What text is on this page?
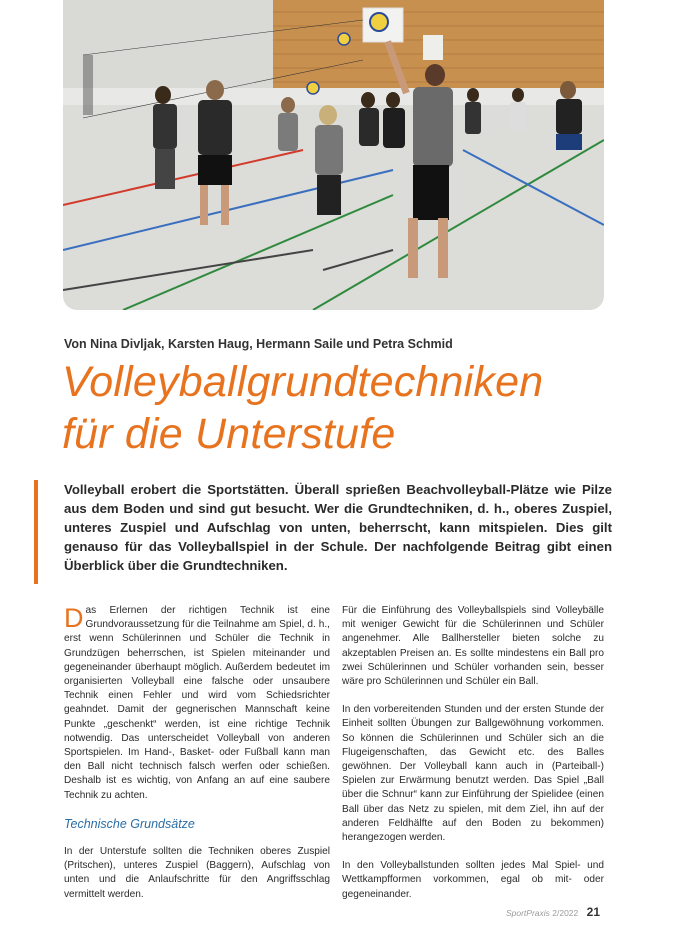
Von Nina Divljak, Karsten Haug, Hermann Saile und Petra Schmid
Volleyballgrundtechniken
für die Unterstufe

Volleyball erobert die Sportstätten. Überall sprießen Beachvolleyball-Plätze wie Pilze aus dem Boden und sind gut besucht. Wer die Grundtechniken, d. h., oberes Zuspiel, unteres Zuspiel und Aufschlag von unten, beherrscht, kann mitspielen. Dies gilt genauso für das Volleyballspiel in der Schule. Der nachfolgende Beitrag gibt einen Überblick über die Grundtechniken.

Das Erlernen der richtigen Technik ist eine Grundvoraussetzung für die Teilnahme am Spiel, d. h., erst wenn Schülerinnen und Schüler die Technik in Grundzügen beherrschen, ist Spielen miteinander und gegeneinander überhaupt möglich. Außerdem bedeutet im organisierten Volleyball eine falsche oder unsaubere Technik einen Fehler und wird vom Schiedsrichter geahndet. Damit der gegnerischen Mannschaft keine Punkte „geschenkt“ werden, ist eine richtige Technik notwendig. Das unterscheidet Volleyball von anderen Sportspielen. Im Hand-, Basket- oder Fußball kann man den Ball nicht technisch falsch werfen oder schießen. Deshalb ist es wichtig, von Anfang an auf eine saubere Technik zu achten.

Technische Grundsätze

In der Unterstufe sollten die Techniken oberes Zuspiel (Pritschen), unteres Zuspiel (Baggern), Aufschlag von unten und die Anlaufschritte für den Angriffsschlag vermittelt werden.

Für die Einführung des Volleyballspiels sind Volleybälle mit weniger Gewicht für die Schülerinnen und Schüler angenehmer. Alle Ballhersteller bieten solche zu akzeptablen Preisen an. Es sollte mindestens ein Ball pro zwei Schülerinnen und Schüler vorhanden sein, besser wäre pro Schülerinnen und Schüler ein Ball.

In den vorbereitenden Stunden und der ersten Stunde der Einheit sollten Übungen zur Ballgewöhnung vorkommen. So können die Schülerinnen und Schüler sich an die Flugeigenschaften, das Gewicht etc. des Balles gewöhnen. Der Volleyball kann auch in (Parteiball-) Spielen zur Erwärmung benutzt werden. Das Spiel „Ball über die Schnur“ kann zur Einführung der Spielidee (einen Ball über das Netz zu spielen, mit dem Ziel, ihn auf der anderen Feldhälfte auf den Boden zu bekommen) herangezogen werden.

In den Volleyballstunden sollten jedes Mal Spiel- und Wettkampfformen vorkommen, egal ob mit- oder gegeneinander.

SportPraxis 2/2022 21
